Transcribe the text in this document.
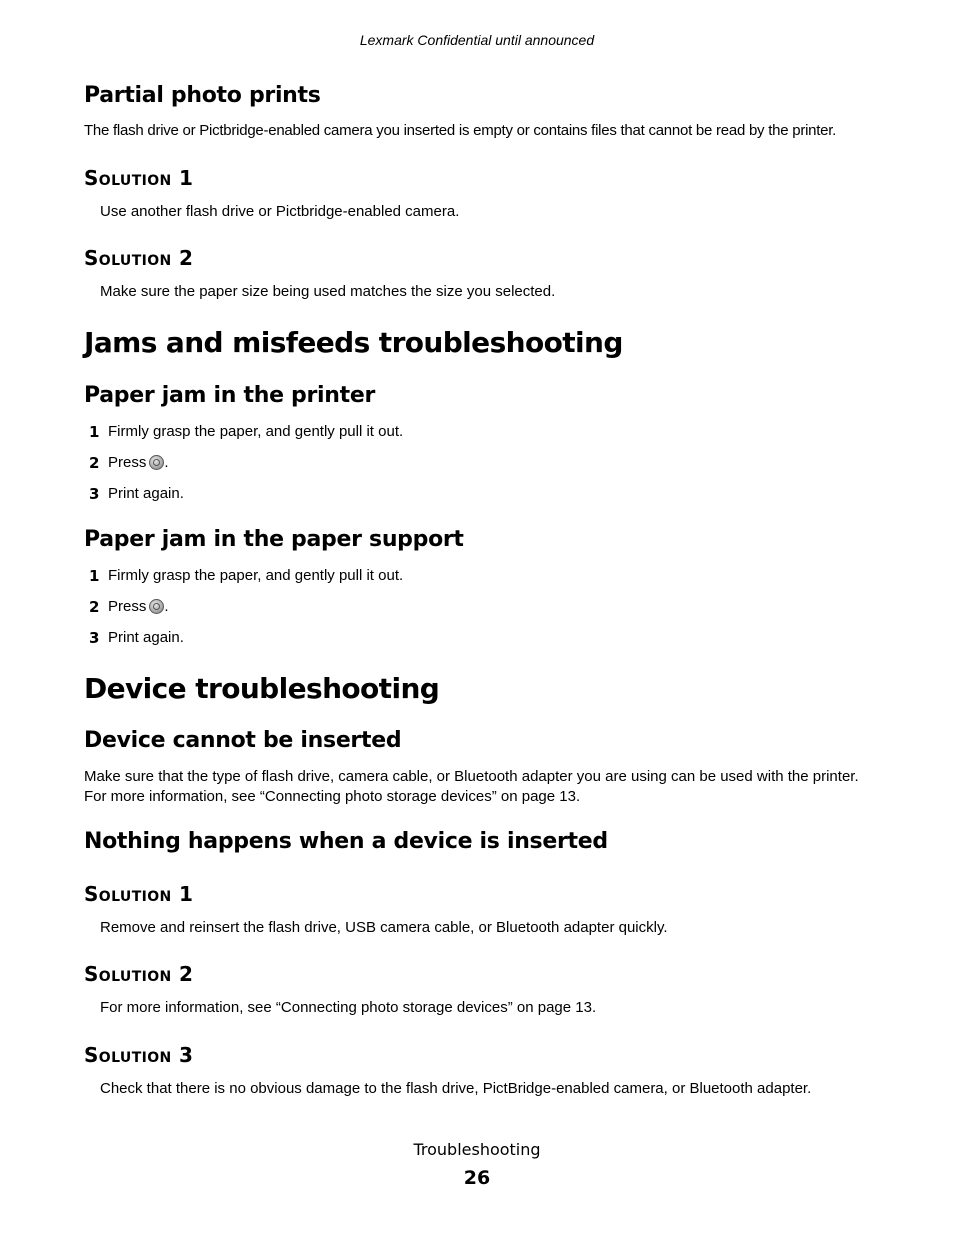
Lexmark Confidential until announced
Partial photo prints
The flash drive or Pictbridge-enabled camera you inserted is empty or contains files that cannot be read by the printer.
Solution 1
Use another flash drive or Pictbridge-enabled camera.
Solution 2
Make sure the paper size being used matches the size you selected.
Jams and misfeeds troubleshooting
Paper jam in the printer
1 Firmly grasp the paper, and gently pull it out.
2 Press .
3 Print again.
Paper jam in the paper support
1 Firmly grasp the paper, and gently pull it out.
2 Press .
3 Print again.
Device troubleshooting
Device cannot be inserted
Make sure that the type of flash drive, camera cable, or Bluetooth adapter you are using can be used with the printer. For more information, see “Connecting photo storage devices” on page 13.
Nothing happens when a device is inserted
Solution 1
Remove and reinsert the flash drive, USB camera cable, or Bluetooth adapter quickly.
Solution 2
For more information, see “Connecting photo storage devices” on page 13.
Solution 3
Check that there is no obvious damage to the flash drive, PictBridge-enabled camera, or Bluetooth adapter.
Troubleshooting
26
